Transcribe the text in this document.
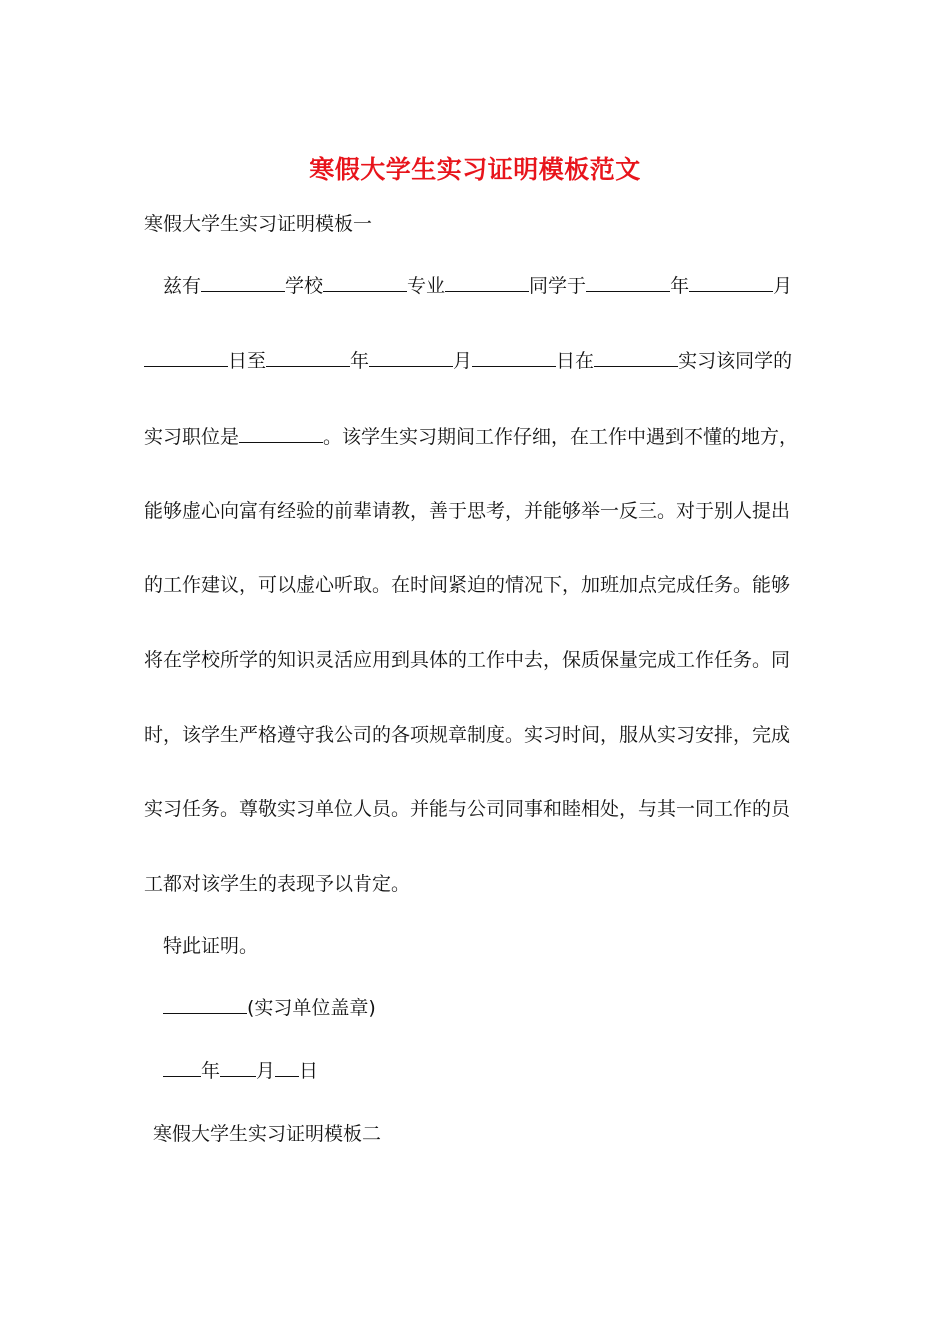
寒假大学生实习证明模板范文
寒假大学生实习证明模板一
兹有	学校	专业	同学于	年	月
日至	年	月	日在	实习该同学的
实习职位是	。该学生实习期间工作仔细，在工作中遇到不懂的地方，
能够虚心向富有经验的前辈请教，善于思考，并能够举一反三。对于别人提出
的工作建议，可以虚心听取。在时间紧迫的情况下，加班加点完成任务。能够
将在学校所学的知识灵活应用到具体的工作中去，保质保量完成工作任务。同
时，该学生严格遵守我公司的各项规章制度。实习时间，服从实习安排，完成
实习任务。尊敬实习单位人员。并能与公司同事和睦相处，与其一同工作的员
工都对该学生的表现予以肯定。
特此证明。
(实习单位盖章)
年 月 日
寒假大学生实习证明模板二
